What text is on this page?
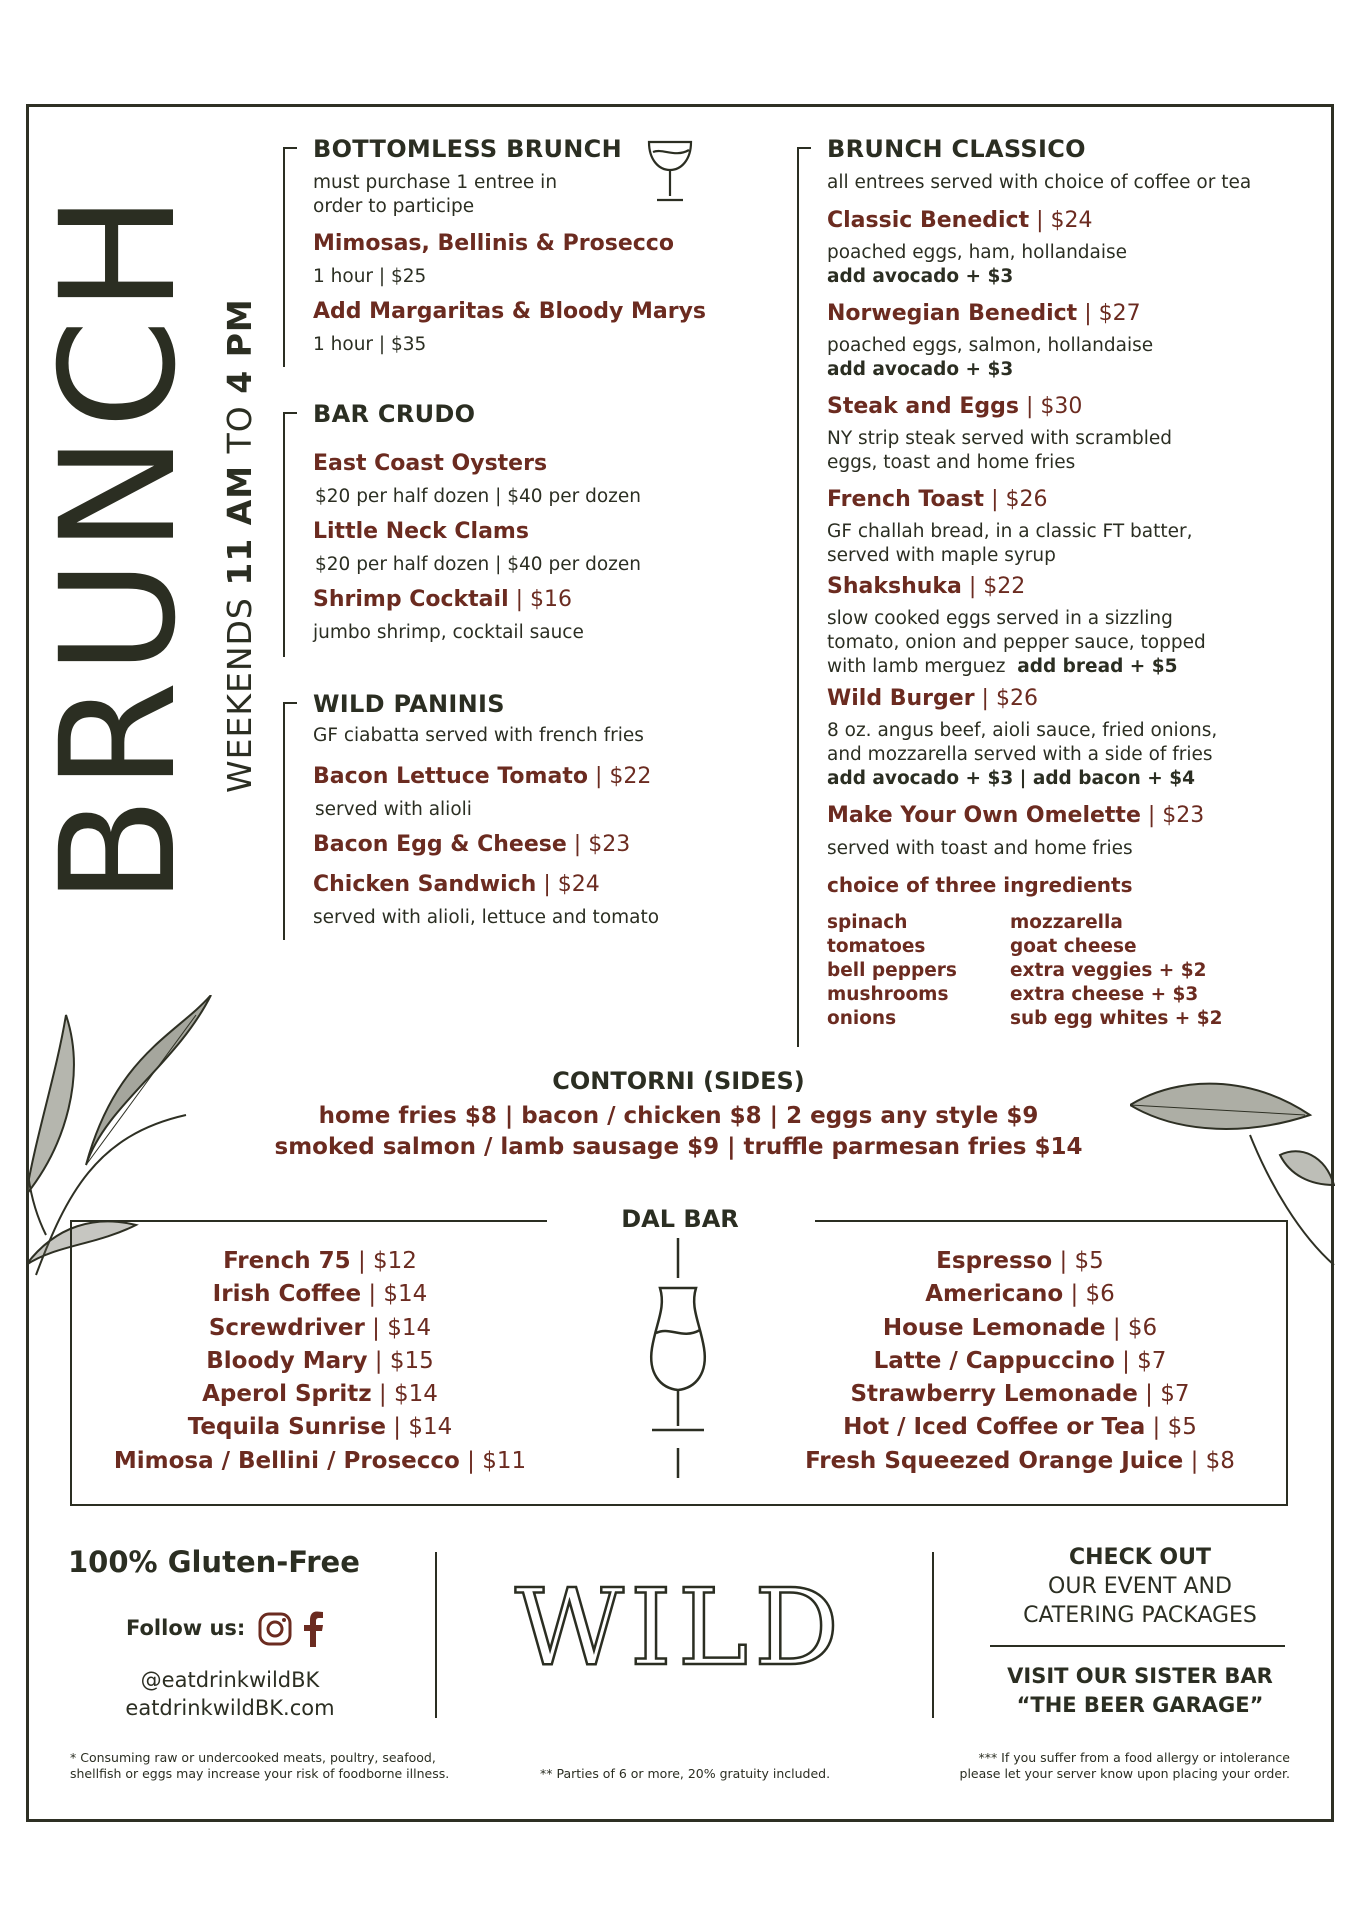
BRUNCH WEEKENDS 11 AM TO 4 PM
BOTTOMLESS BRUNCH
must purchase 1 entree in
order to participe
Mimosas, Bellinis & Prosecco
1 hour | $25
Add Margaritas & Bloody Marys
1 hour | $35
BAR CRUDO
East Coast Oysters
$20 per half dozen | $40 per dozen
Little Neck Clams
$20 per half dozen | $40 per dozen
Shrimp Cocktail | $16
jumbo shrimp, cocktail sauce
WILD PANINIS
GF ciabatta served with french fries
Bacon Lettuce Tomato | $22
served with alioli
Bacon Egg & Cheese | $23
Chicken Sandwich | $24
served with alioli, lettuce and tomato
BRUNCH CLASSICO
all entrees served with choice of coffee or tea
Classic Benedict | $24
poached eggs, ham, hollandaise
add avocado + $3
Norwegian Benedict | $27
poached eggs, salmon, hollandaise
add avocado + $3
Steak and Eggs | $30
NY strip steak served with scrambled
eggs, toast and home fries
French Toast | $26
GF challah bread, in a classic FT batter,
served with maple syrup
Shakshuka | $22
slow cooked eggs served in a sizzling
tomato, onion and pepper sauce, topped
with lamb merguez add bread + $5
Wild Burger | $26
8 oz. angus beef, aioli sauce, fried onions,
and mozzarella served with a side of fries
add avocado + $3 | add bacon + $4
Make Your Own Omelette | $23
served with toast and home fries
choice of three ingredients
spinach
tomatoes
bell peppers
mushrooms
onions
mozzarella
goat cheese
extra veggies + $2
extra cheese + $3
sub egg whites + $2
CONTORNI (SIDES)
home fries $8 | bacon / chicken $8 | 2 eggs any style $9
smoked salmon / lamb sausage $9 | truffle parmesan fries $14
DAL BAR
French 75 | $12
Irish Coffee | $14
Screwdriver | $14
Bloody Mary | $15
Aperol Spritz | $14
Tequila Sunrise | $14
Mimosa / Bellini / Prosecco | $11
Espresso | $5
Americano | $6
House Lemonade | $6
Latte / Cappuccino | $7
Strawberry Lemonade | $7
Hot / Iced Coffee or Tea | $5
Fresh Squeezed Orange Juice | $8
100% Gluten-Free
Follow us:
@eatdrinkwildBK
eatdrinkwildBK.com
WILD
CHECK OUT
OUR EVENT AND
CATERING PACKAGES
VISIT OUR SISTER BAR
“THE BEER GARAGE”
* Consuming raw or undercooked meats, poultry, seafood,
shellfish or eggs may increase your risk of foodborne illness.	** Parties of 6 or more, 20% gratuity included.
*** If you suffer from a food allergy or intolerance
please let your server know upon placing your order.
